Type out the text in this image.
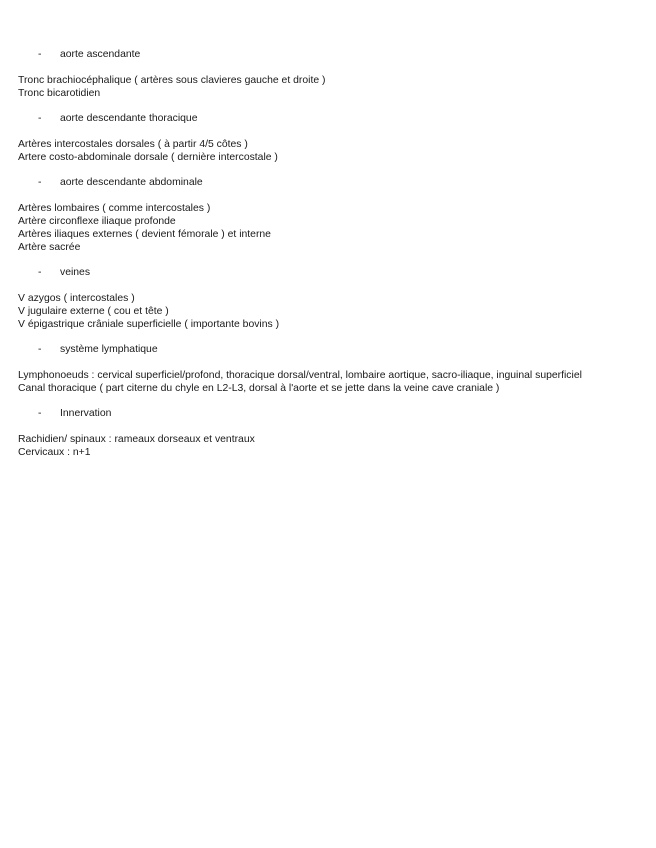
-	aorte ascendante
Tronc brachiocéphalique ( artères sous clavieres gauche et droite )
Tronc bicarotidien
-	aorte descendante thoracique
Artères intercostales dorsales ( à partir 4/5 côtes )
Artere costo-abdominale dorsale ( dernière intercostale )
-	aorte descendante abdominale
Artères lombaires ( comme intercostales )
Artère circonflexe iliaque profonde
Artères iliaques externes ( devient fémorale ) et interne
Artère sacrée
-	veines
V azygos ( intercostales )
V jugulaire externe ( cou et tête )
V épigastrique crâniale superficielle ( importante bovins )
-	système lymphatique
Lymphonoeuds : cervical superficiel/profond, thoracique dorsal/ventral, lombaire aortique, sacro-iliaque, inguinal superficiel
Canal thoracique ( part citerne du chyle en L2-L3, dorsal à l'aorte et se jette dans la veine cave craniale )
-	Innervation
Rachidien/ spinaux : rameaux dorseaux et ventraux
Cervicaux : n+1
